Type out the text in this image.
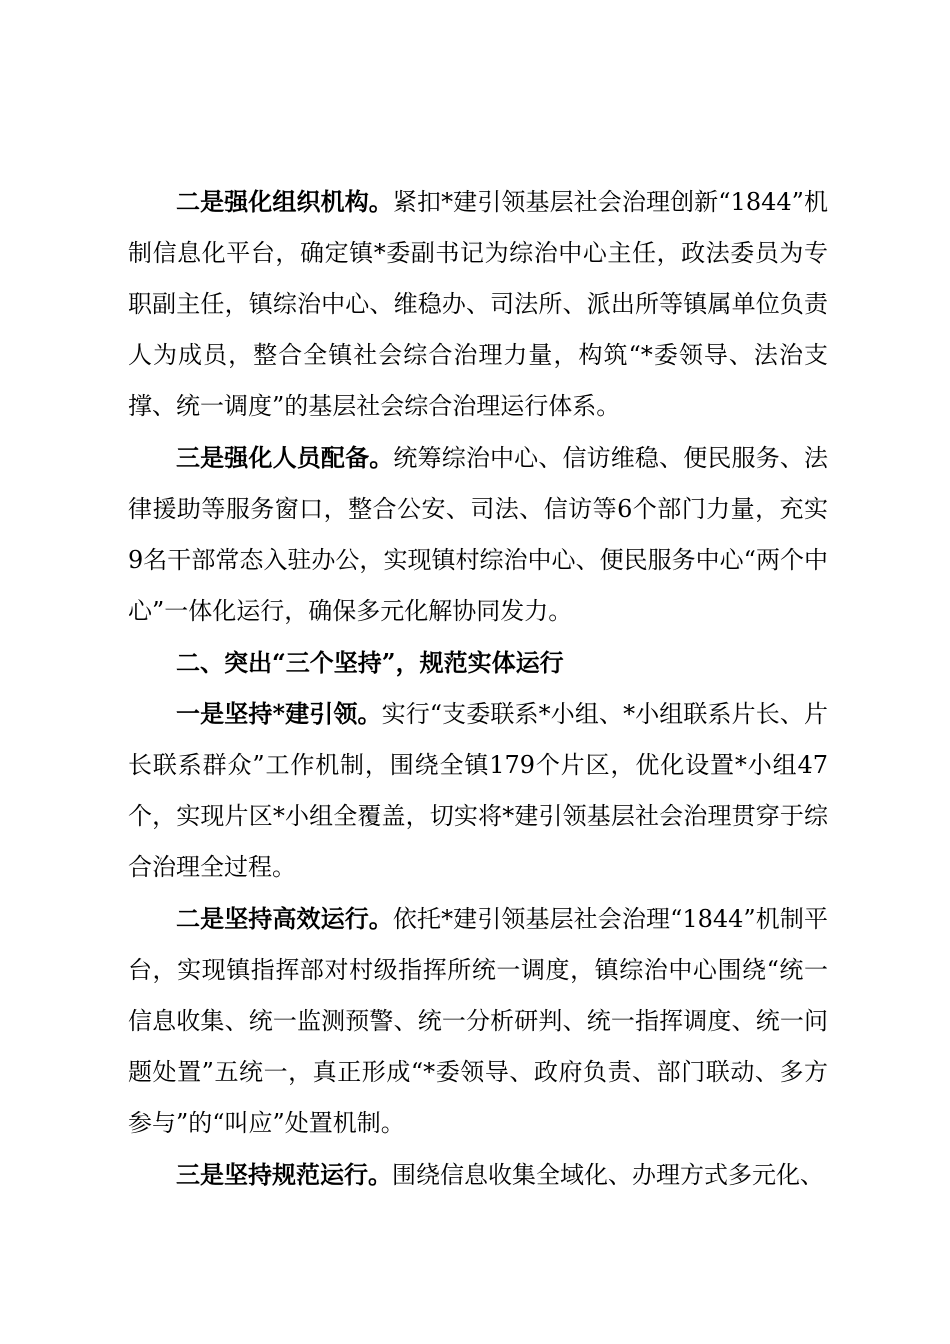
二是强化组织机构。紧扣*建引领基层社会治理创新“1844”机制信息化平台，确定镇*委副书记为综治中心主任，政法委员为专职副主任，镇综治中心、维稳办、司法所、派出所等镇属单位负责人为成员，整合全镇社会综合治理力量，构筑“*委领导、法治支撑、统一调度”的基层社会综合治理运行体系。

三是强化人员配备。统筹综治中心、信访维稳、便民服务、法律援助等服务窗口，整合公安、司法、信访等6个部门力量，充实9名干部常态入驻办公，实现镇村综治中心、便民服务中心“两个中心”一体化运行，确保多元化解协同发力。

二、突出“三个坚持”，规范实体运行

一是坚持*建引领。实行“支委联系*小组、*小组联系片长、片长联系群众”工作机制，围绕全镇179个片区，优化设置*小组47个，实现片区*小组全覆盖，切实将*建引领基层社会治理贯穿于综合治理全过程。

二是坚持高效运行。依托*建引领基层社会治理“1844”机制平台，实现镇指挥部对村级指挥所统一调度，镇综治中心围绕“统一信息收集、统一监测预警、统一分析研判、统一指挥调度、统一问题处置”五统一，真正形成“*委领导、政府负责、部门联动、多方参与”的“叫应”处置机制。

三是坚持规范运行。围绕信息收集全域化、办理方式多元化、
